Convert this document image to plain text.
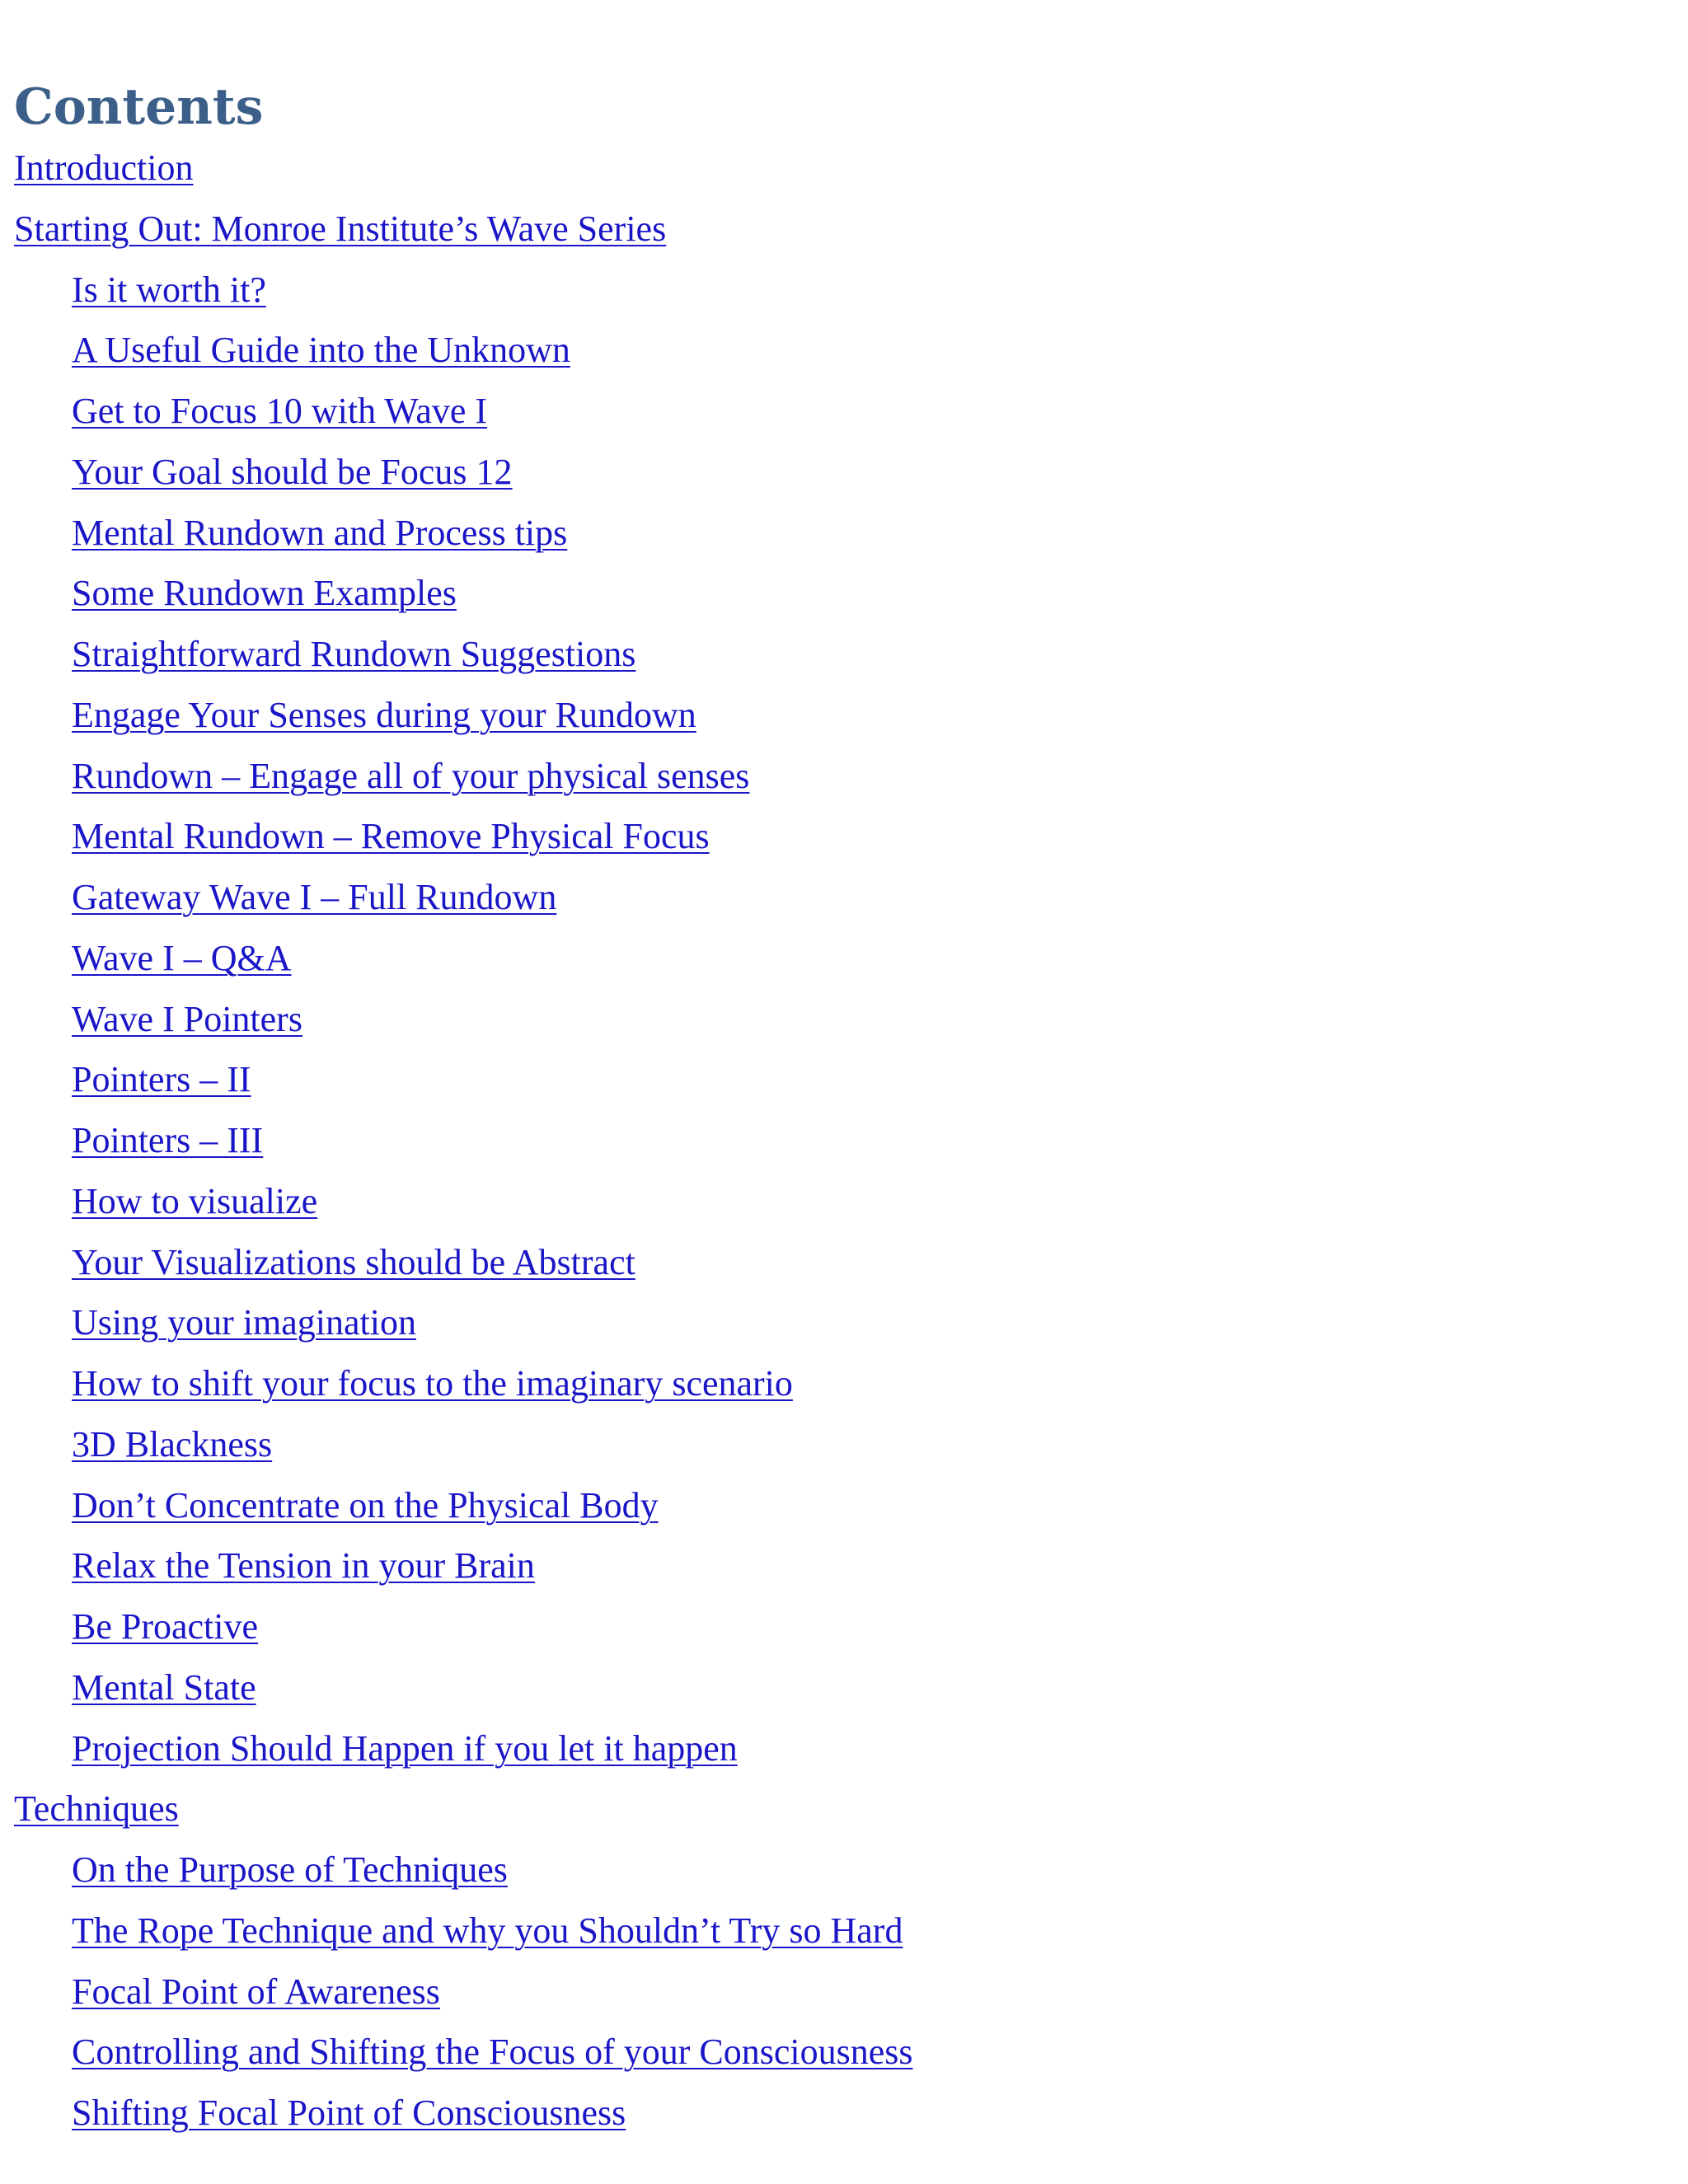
Contents
Introduction
Starting Out: Monroe Institute’s Wave Series
Is it worth it?
A Useful Guide into the Unknown
Get to Focus 10 with Wave I
Your Goal should be Focus 12
Mental Rundown and Process tips
Some Rundown Examples
Straightforward Rundown Suggestions
Engage Your Senses during your Rundown
Rundown – Engage all of your physical senses
Mental Rundown – Remove Physical Focus
Gateway Wave I – Full Rundown
Wave I – Q&A
Wave I Pointers
Pointers – II
Pointers – III
How to visualize
Your Visualizations should be Abstract
Using your imagination
How to shift your focus to the imaginary scenario
3D Blackness
Don’t Concentrate on the Physical Body
Relax the Tension in your Brain
Be Proactive
Mental State
Projection Should Happen if you let it happen
Techniques
On the Purpose of Techniques
The Rope Technique and why you Shouldn’t Try so Hard
Focal Point of Awareness
Controlling and Shifting the Focus of your Consciousness
Shifting Focal Point of Consciousness
